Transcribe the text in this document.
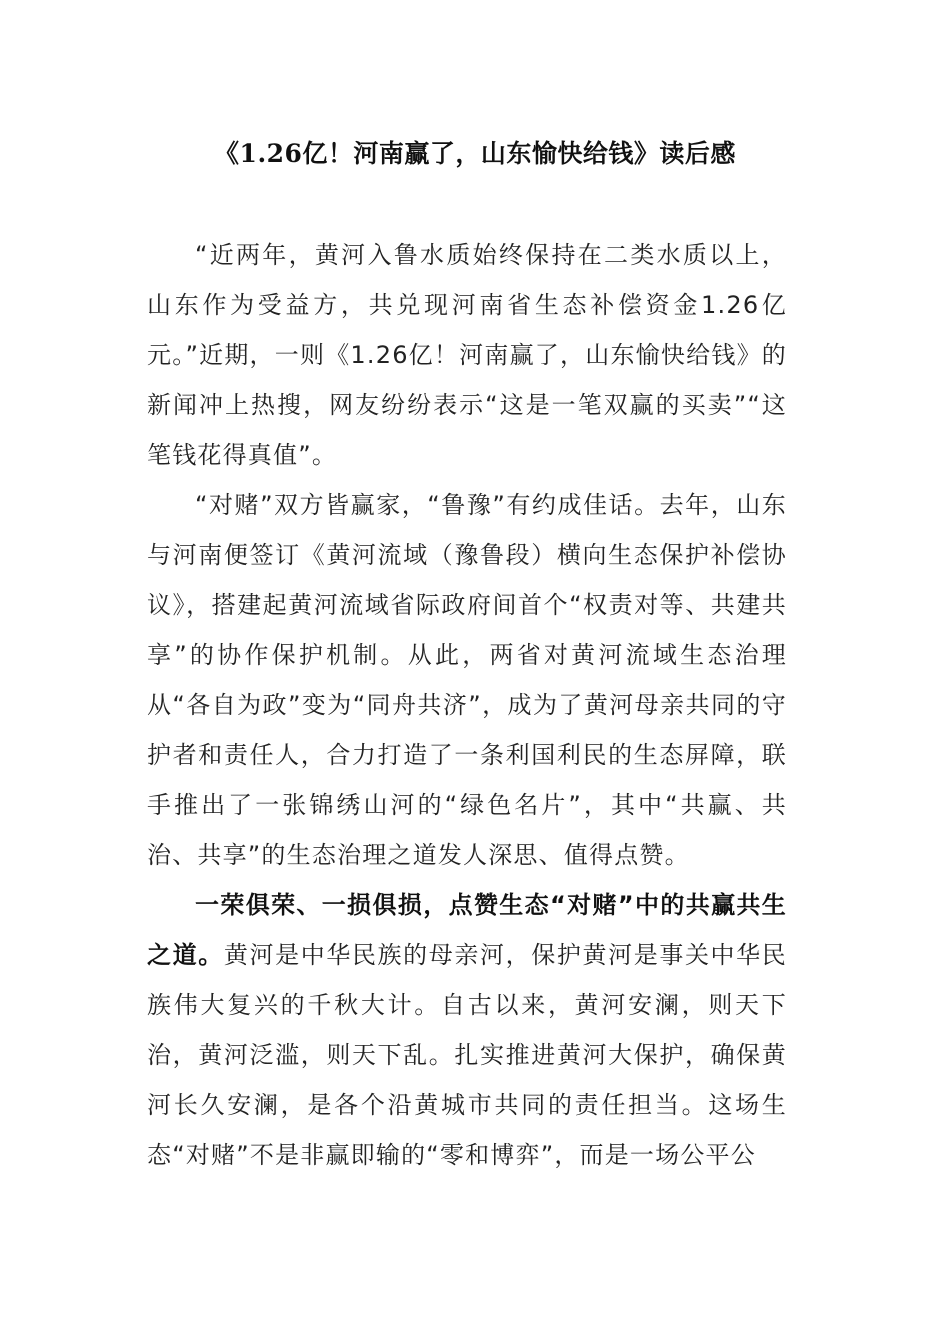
《1.26亿！河南赢了，山东愉快给钱》读后感

“近两年，黄河入鲁水质始终保持在二类水质以上，山东作为受益方，共兑现河南省生态补偿资金1.26亿元。”近期，一则《1.26亿！河南赢了，山东愉快给钱》的新闻冲上热搜，网友纷纷表示“这是一笔双赢的买卖”“这笔钱花得真值”。

“对赌”双方皆赢家，“鲁豫”有约成佳话。去年，山东与河南便签订《黄河流域（豫鲁段）横向生态保护补偿协议》，搭建起黄河流域省际政府间首个“权责对等、共建共享”的协作保护机制。从此，两省对黄河流域生态治理从“各自为政”变为“同舟共济”，成为了黄河母亲共同的守护者和责任人，合力打造了一条利国利民的生态屏障，联手推出了一张锦绣山河的“绿色名片”，其中“共赢、共治、共享”的生态治理之道发人深思、值得点赞。

一荣俱荣、一损俱损，点赞生态“对赌”中的共赢共生之道。黄河是中华民族的母亲河，保护黄河是事关中华民族伟大复兴的千秋大计。自古以来，黄河安澜，则天下治，黄河泛滥，则天下乱。扎实推进黄河大保护，确保黄河长久安澜，是各个沿黄城市共同的责任担当。这场生态“对赌”不是非赢即输的“零和博弈”，而是一场公平公
